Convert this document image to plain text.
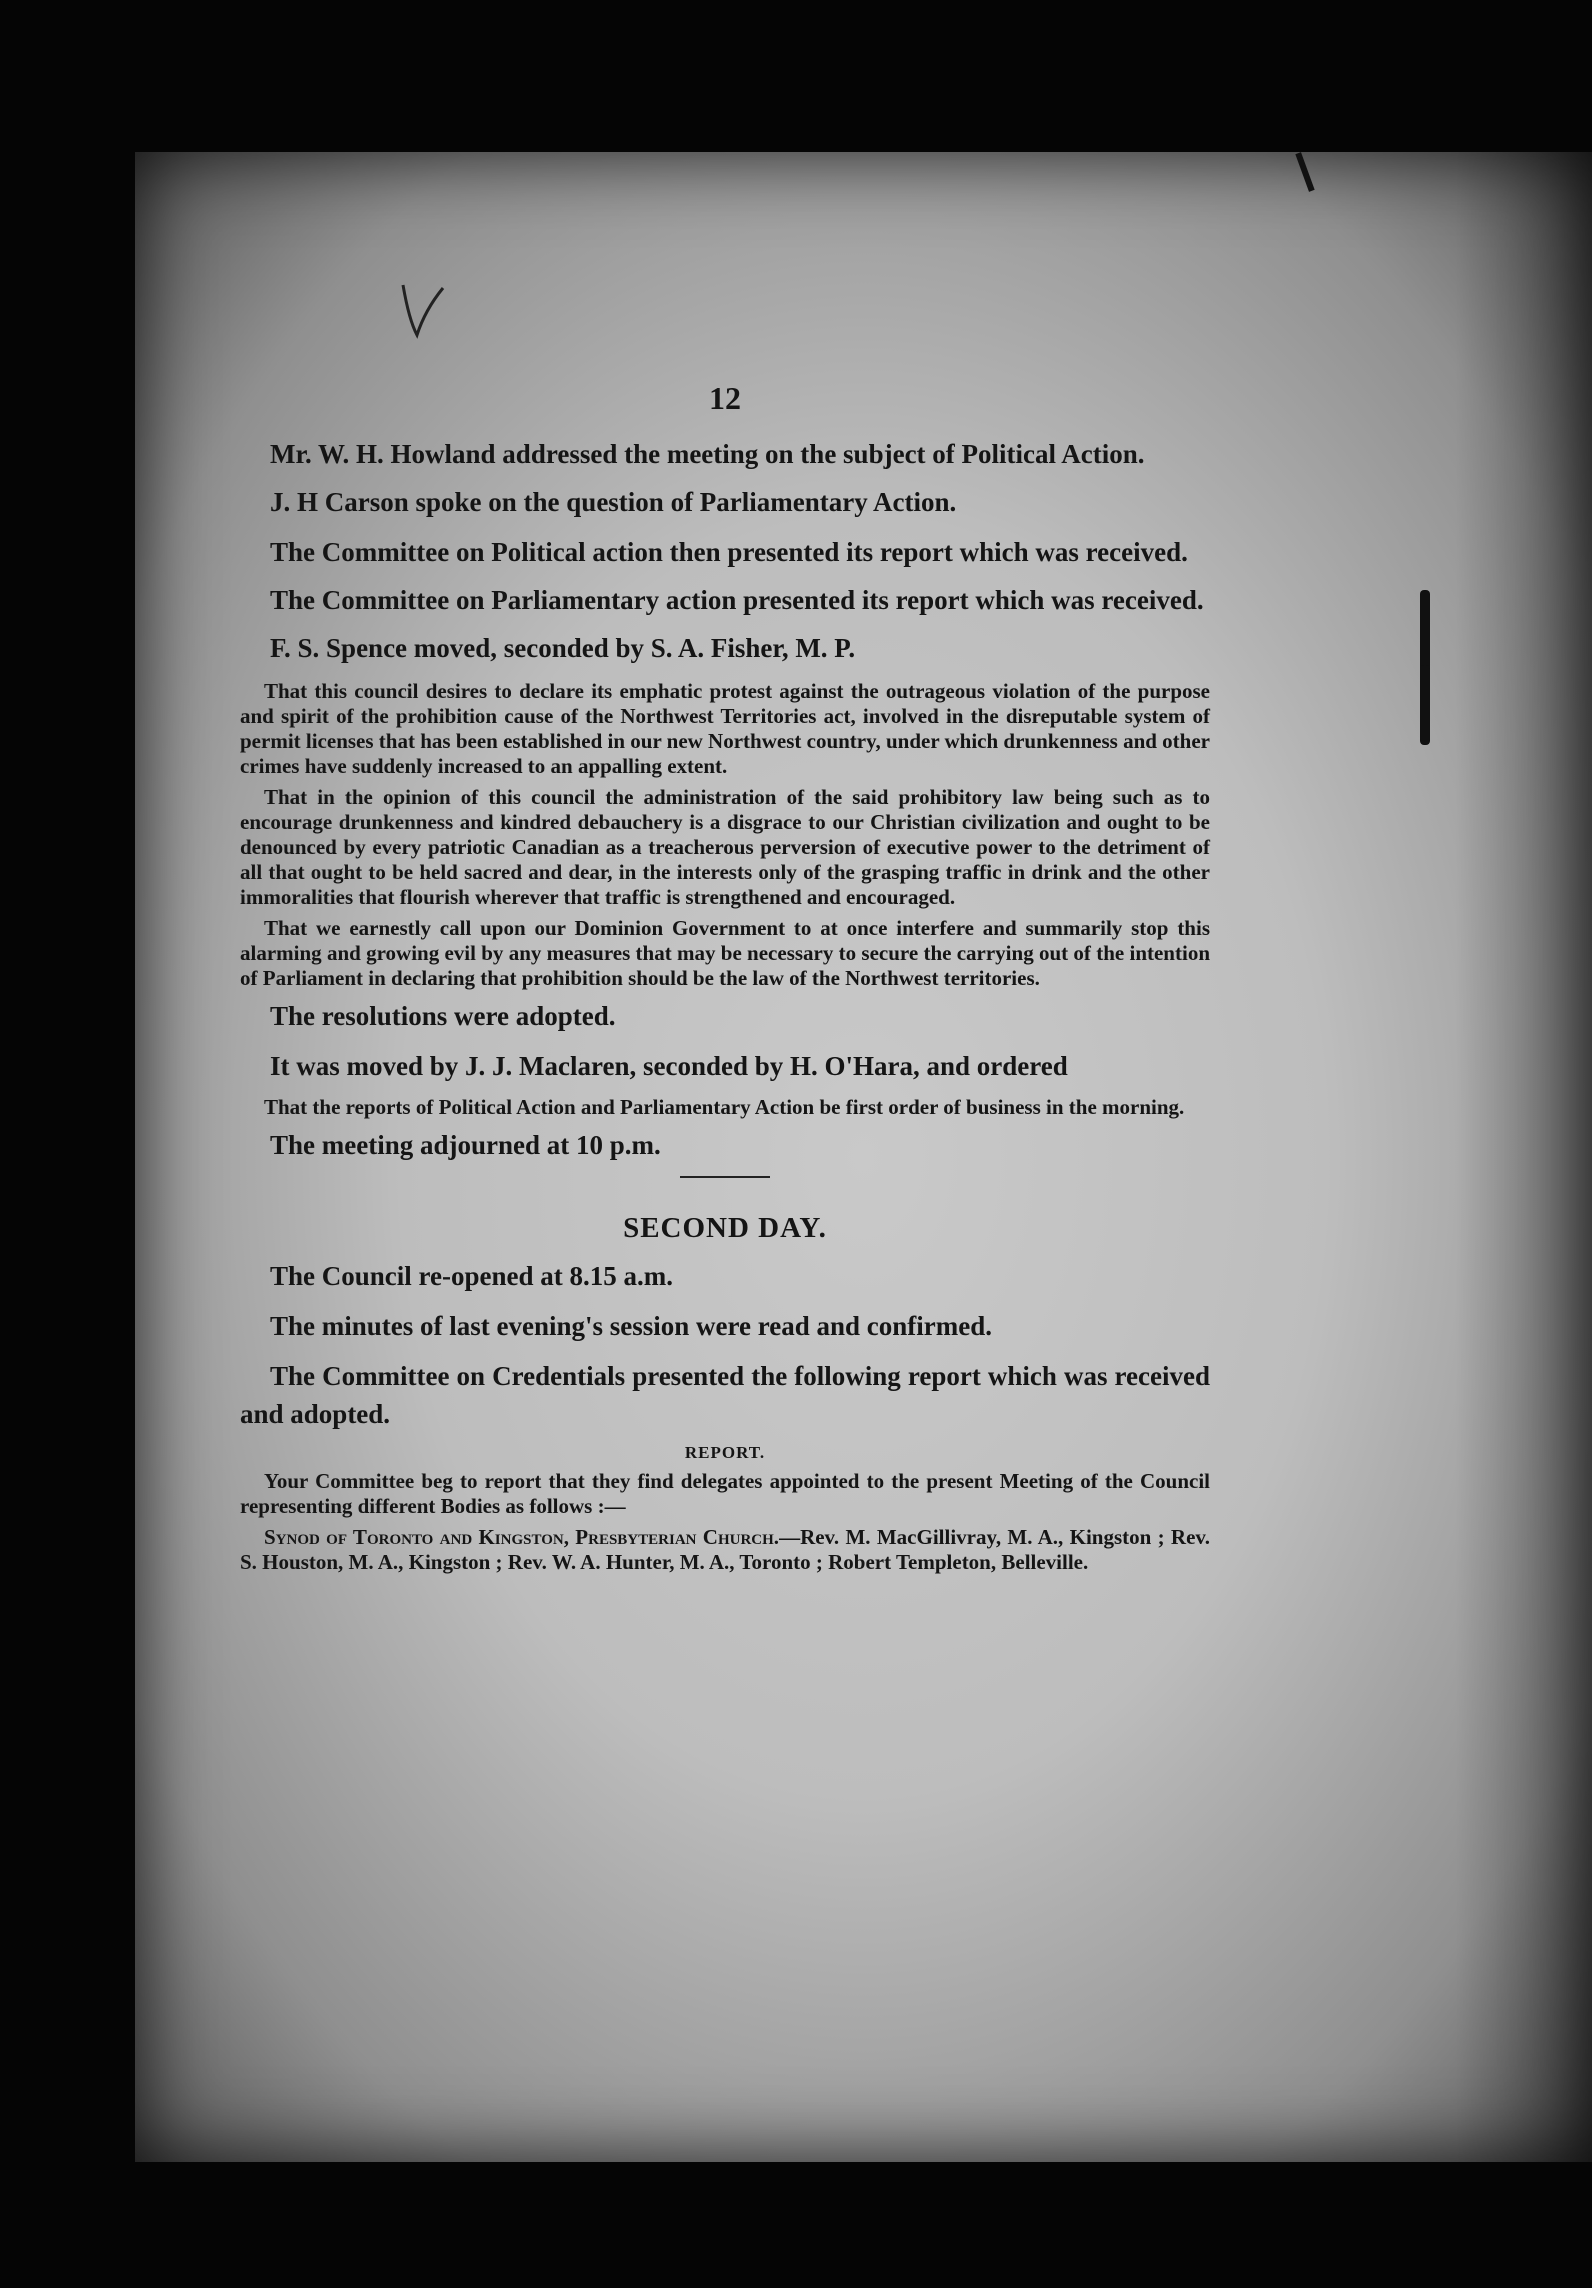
12

Mr. W. H. Howland addressed the meeting on the subject of Political Action.

J. H Carson spoke on the question of Parliamentary Action.

The Committee on Political action then presented its report which was received.

The Committee on Parliamentary action presented its report which was received.

F. S. Spence moved, seconded by S. A. Fisher, M. P.

That this council desires to declare its emphatic protest against the outrageous violation of the purpose and spirit of the prohibition cause of the Northwest Territories act, involved in the disreputable system of permit licenses that has been established in our new Northwest country, under which drunkenness and other crimes have suddenly increased to an appalling extent.

That in the opinion of this council the administration of the said prohibitory law being such as to encourage drunkenness and kindred debauchery is a disgrace to our Christian civilization and ought to be denounced by every patriotic Canadian as a treacherous perversion of executive power to the detriment of all that ought to be held sacred and dear, in the interests only of the grasping traffic in drink and the other immoralities that flourish wherever that traffic is strengthened and encouraged.

That we earnestly call upon our Dominion Government to at once interfere and summarily stop this alarming and growing evil by any measures that may be necessary to secure the carrying out of the intention of Parliament in declaring that prohibition should be the law of the Northwest territories.

The resolutions were adopted.

It was moved by J. J. Maclaren, seconded by H. O'Hara, and ordered

That the reports of Political Action and Parliamentary Action be first order of business in the morning.

The meeting adjourned at 10 p.m.

SECOND DAY.

The Council re-opened at 8.15 a.m.

The minutes of last evening's session were read and confirmed.

The Committee on Credentials presented the following report which was received and adopted.

REPORT.

Your Committee beg to report that they find delegates appointed to the present Meeting of the Council representing different Bodies as follows :—

Synod of Toronto and Kingston, Presbyterian Church.—Rev. M. MacGillivray, M. A., Kingston ; Rev. S. Houston, M. A., Kingston ; Rev. W. A. Hunter, M. A., Toronto ; Robert Templeton, Belleville.
